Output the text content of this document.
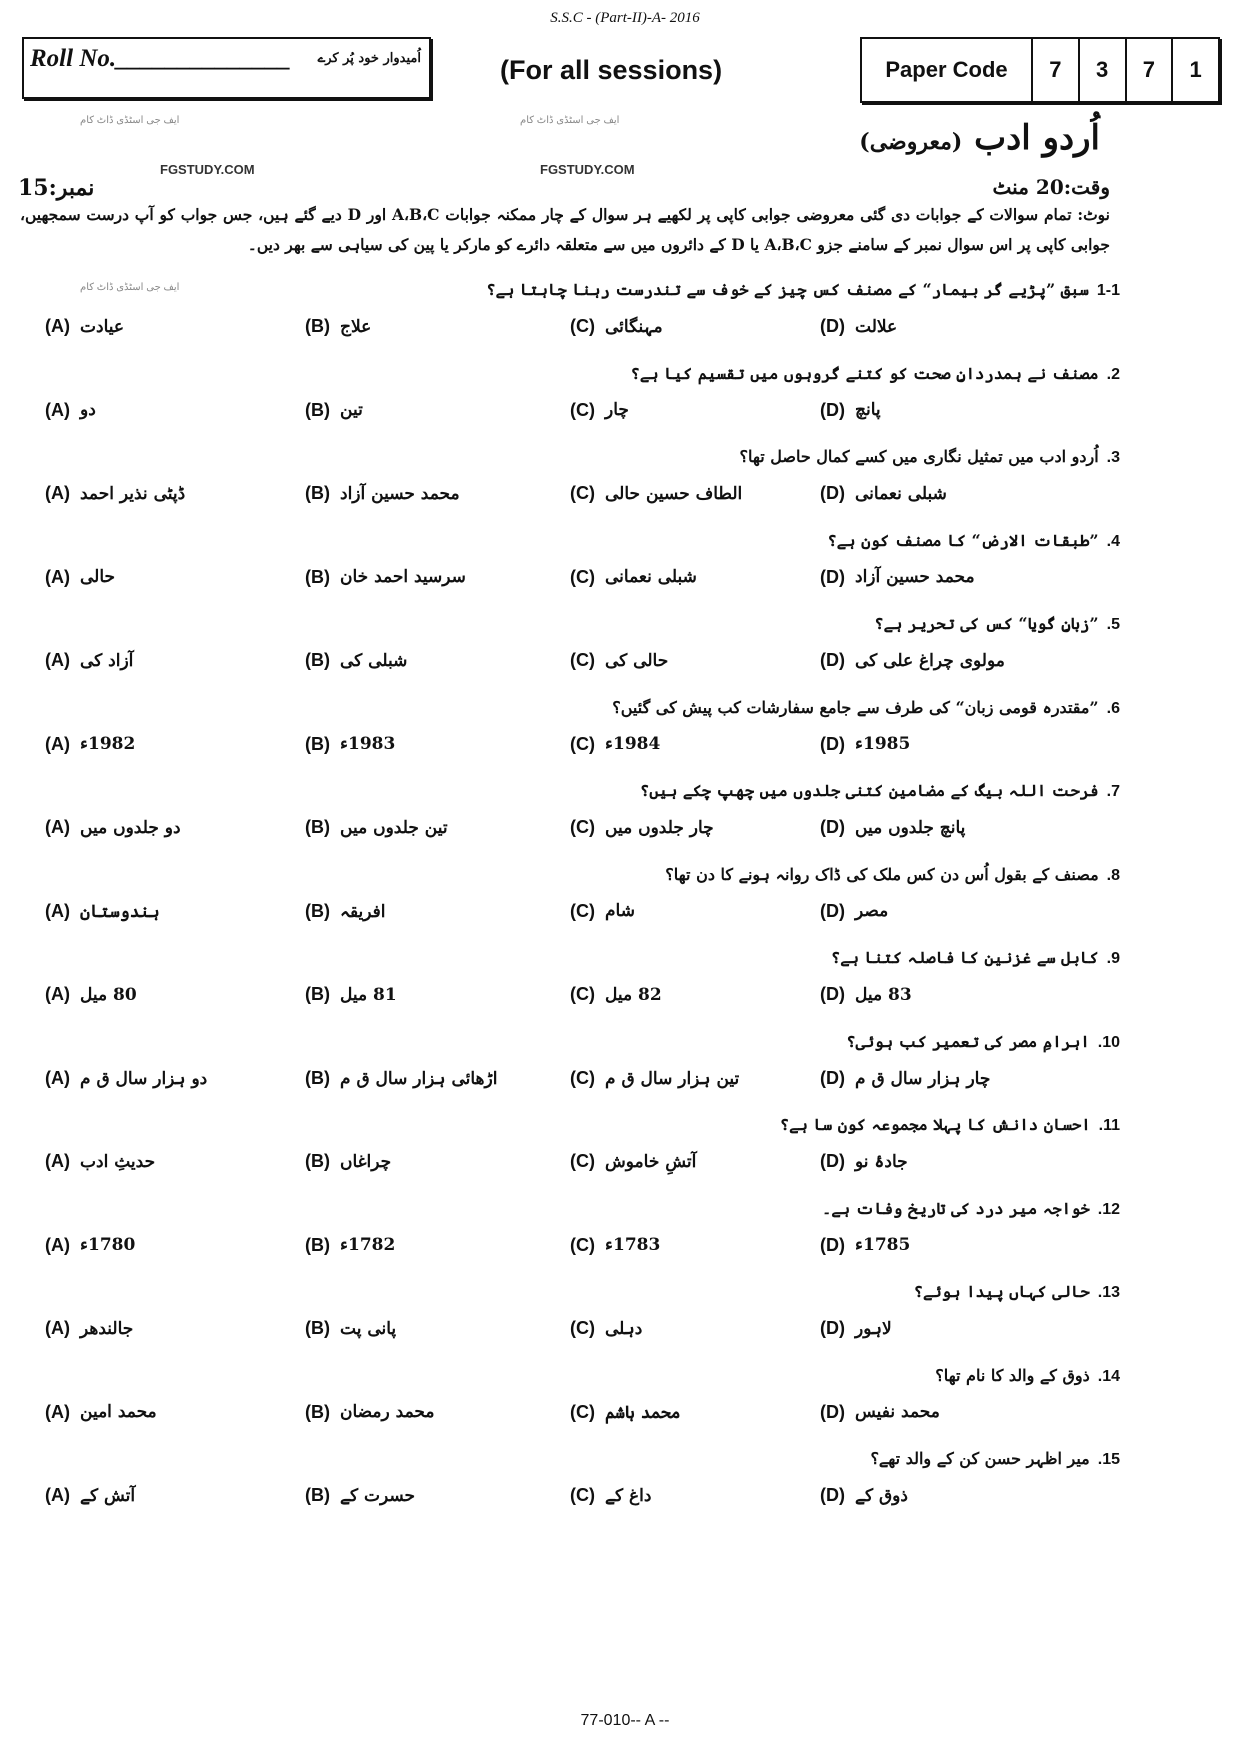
S.S.C - (Part-II)-A- 2016
Roll No.______________ اُمیدوار خود پُر کرے	(For all sessions)	Paper Code	7	3	7	1
اُردو ادب (معروضی)
FGSTUDY.COM	FGSTUDY.COM
ایف جی اسٹڈی ڈاٹ کام	ایف جی اسٹڈی ڈاٹ کام
ایف جی اسٹڈی ڈاٹ کام
نمبر:15	وقت:20 منٹ
نوٹ: تمام سوالات کے جوابات دی گئی معروضی جوابی کاپی پر لکھیے ہر سوال کے چار ممکنہ جوابات A،B،C اور D دیے گئے ہیں، جس جواب کو آپ درست سمجھیں، جوابی کاپی پر اس سوال نمبر کے سامنے جزو A،B،C یا D کے دائروں میں سے متعلقہ دائرے کو مارکر یا پین کی سیاہی سے بھر دیں۔
1-1سبق ”پڑیے گر بیمار“ کے مصنف کس چیز کے خوف سے تندرست رہنا چاہتا ہے؟
(A) عیادت	(B) علاج	(C) مہنگائی	(D) علالت
2.مصنف نے ہمدردانِ صحت کو کتنے گروہوں میں تقسیم کیا ہے؟
(A) دو	(B) تین	(C) چار	(D) پانچ
3.اُردو ادب میں تمثیل نگاری میں کسے کمال حاصل تھا؟
(A) ڈپٹی نذیر احمد	(B) محمد حسین آزاد	(C) الطاف حسین حالی	(D) شبلی نعمانی
4.”طبقات الارض“ کا مصنف کون ہے؟
(A) حالی	(B) سرسید احمد خان	(C) شبلی نعمانی	(D) محمد حسین آزاد
5.”زبانِ گویا“ کس کی تحریر ہے؟
(A) آزاد کی	(B) شبلی کی	(C) حالی کی	(D) مولوی چراغ علی کی
6.”مقتدرہ قومی زبان“ کی طرف سے جامع سفارشات کب پیش کی گئیں؟
(A) 1982ء	(B) 1983ء	(C) 1984ء	(D) 1985ء
7.فرحت اللہ بیگ کے مضامین کتنی جلدوں میں چھپ چکے ہیں؟
(A) دو جلدوں میں	(B) تین جلدوں میں	(C) چار جلدوں میں	(D) پانچ جلدوں میں
8.مصنف کے بقول اُس دن کس ملک کی ڈاک روانہ ہونے کا دن تھا؟
(A) ہندوستان	(B) افریقہ	(C) شام	(D) مصر
9.کابل سے غزنین کا فاصلہ کتنا ہے؟
(A) 80 میل	(B) 81 میل	(C) 82 میل	(D) 83 میل
10.اہرامِ مصر کی تعمیر کب ہوئی؟
(A) دو ہزار سال ق م	(B) اڑھائی ہزار سال ق م	(C) تین ہزار سال ق م	(D) چار ہزار سال ق م
11.احسان دانش کا پہلا مجموعہ کون سا ہے؟
(A) حدیثِ ادب	(B) چراغاں	(C) آتشِ خاموش	(D) جادۂ نو
12.خواجہ میر درد کی تاریخ وفات ہے۔
(A) 1780ء	(B) 1782ء	(C) 1783ء	(D) 1785ء
13.حالی کہاں پیدا ہوئے؟
(A) جالندھر	(B) پانی پت	(C) دہلی	(D) لاہور
14.ذوق کے والد کا نام تھا؟
(A) محمد امین	(B) محمد رمضان	(C) محمد ہاشم	(D) محمد نفیس
15.میر اظہر حسن کن کے والد تھے؟
(A) آتش کے	(B) حسرت کے	(C) داغ کے	(D) ذوق کے
77-010-- A --
